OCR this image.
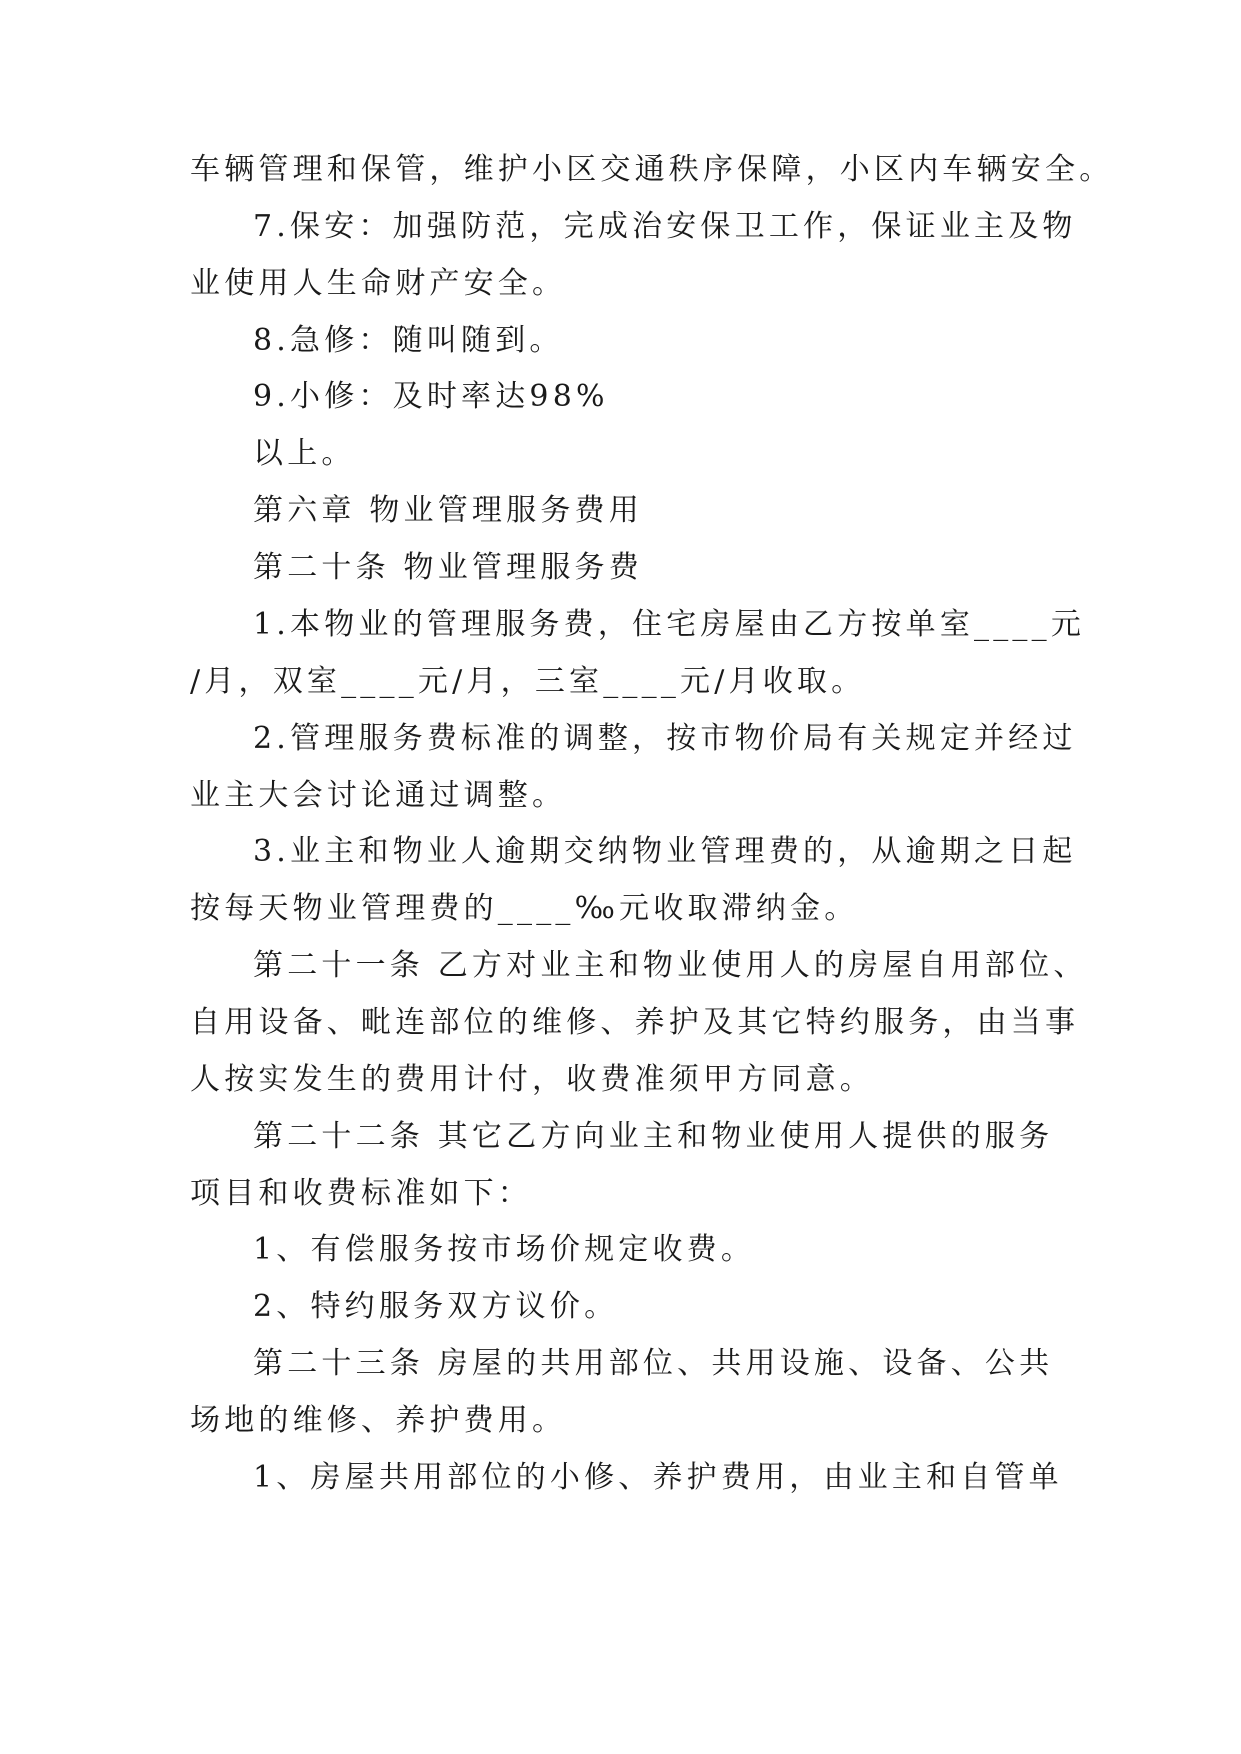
车辆管理和保管，维护小区交通秩序保障，小区内车辆安全。
7.保安：加强防范，完成治安保卫工作，保证业主及物
业使用人生命财产安全。
8.急修：随叫随到。
9.小修：及时率达98%
以上。
第六章 物业管理服务费用
第二十条 物业管理服务费
1.本物业的管理服务费，住宅房屋由乙方按单室____元
/月，双室____元/月，三室____元/月收取。
2.管理服务费标准的调整，按市物价局有关规定并经过
业主大会讨论通过调整。
3.业主和物业人逾期交纳物业管理费的，从逾期之日起
按每天物业管理费的____‰元收取滞纳金。
第二十一条 乙方对业主和物业使用人的房屋自用部位、
自用设备、毗连部位的维修、养护及其它特约服务，由当事
人按实发生的费用计付，收费准须甲方同意。
第二十二条 其它乙方向业主和物业使用人提供的服务
项目和收费标准如下：
1、有偿服务按市场价规定收费。
2、特约服务双方议价。
第二十三条 房屋的共用部位、共用设施、设备、公共
场地的维修、养护费用。
1、房屋共用部位的小修、养护费用，由业主和自管单
